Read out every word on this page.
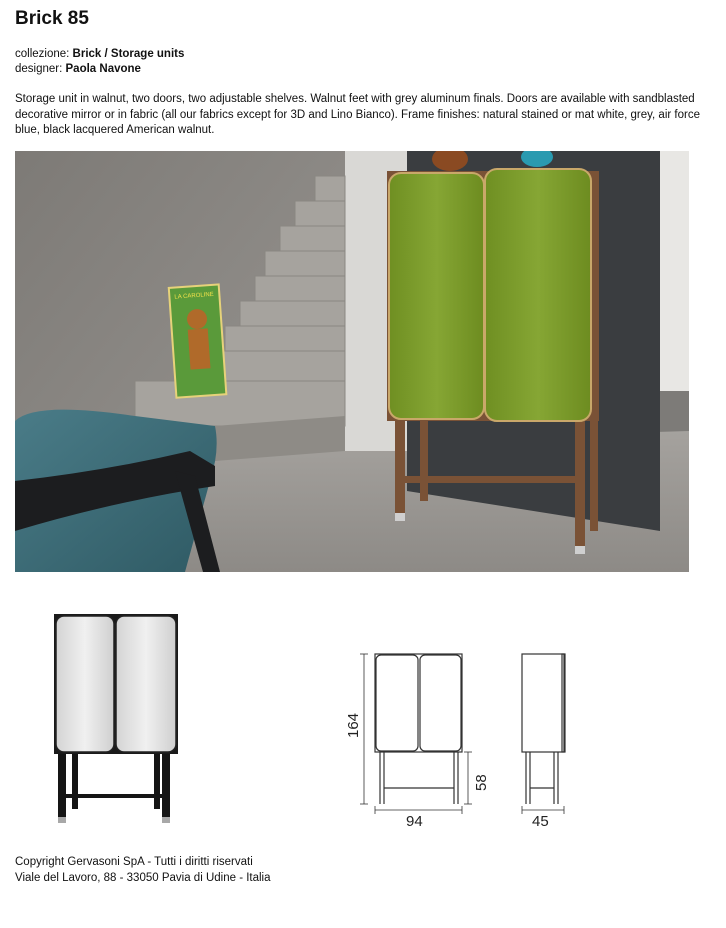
Brick 85
collezione: Brick / Storage units
designer: Paola Navone
Storage unit in walnut, two doors, two adjustable shelves. Walnut feet with grey aluminum finals. Doors are available with sandblasted decorative mirror or in fabric (all our fabrics except for 3D and Lino Bianco). Frame finishes: natural stained or mat white, grey, air force blue, black lacquered American walnut.
LA CAROLINE
164
58
94	45
Copyright Gervasoni SpA - Tutti i diritti riservati
Viale del Lavoro, 88 - 33050 Pavia di Udine - Italia
